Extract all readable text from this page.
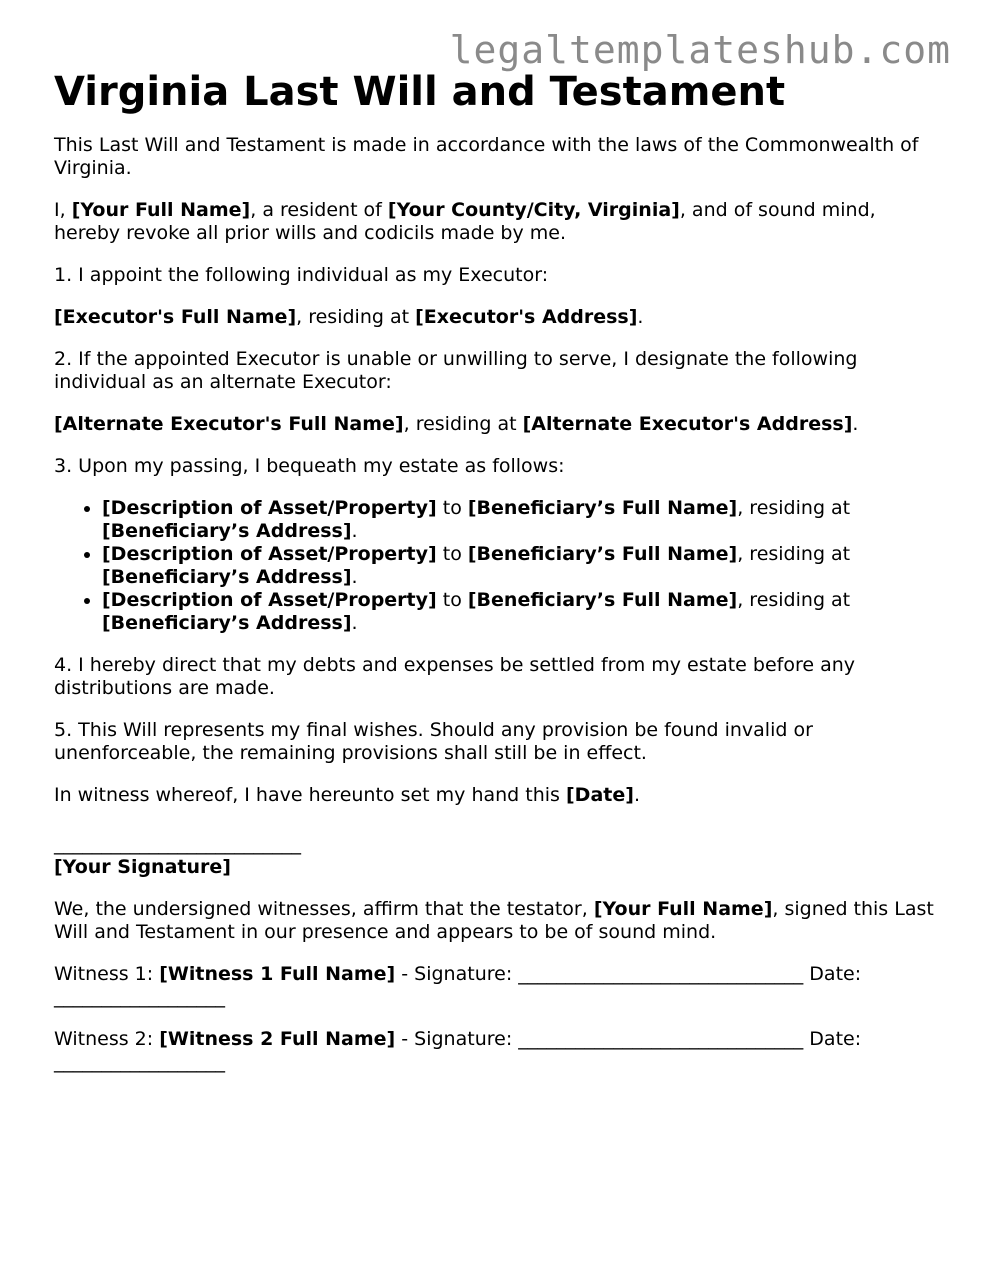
legaltemplateshub.com
Virginia Last Will and Testament

This Last Will and Testament is made in accordance with the laws of the Commonwealth of Virginia.

I, [Your Full Name], a resident of [Your County/City, Virginia], and of sound mind, hereby revoke all prior wills and codicils made by me.

1. I appoint the following individual as my Executor:

[Executor's Full Name], residing at [Executor's Address].

2. If the appointed Executor is unable or unwilling to serve, I designate the following individual as an alternate Executor:

[Alternate Executor's Full Name], residing at [Alternate Executor's Address].

3. Upon my passing, I bequeath my estate as follows:

• [Description of Asset/Property] to [Beneficiary’s Full Name], residing at [Beneficiary’s Address].
• [Description of Asset/Property] to [Beneficiary’s Full Name], residing at [Beneficiary’s Address].
• [Description of Asset/Property] to [Beneficiary’s Full Name], residing at [Beneficiary’s Address].

4. I hereby direct that my debts and expenses be settled from my estate before any distributions are made.

5. This Will represents my final wishes. Should any provision be found invalid or unenforceable, the remaining provisions shall still be in effect.

In witness whereof, I have hereunto set my hand this [Date].

__________________________
[Your Signature]

We, the undersigned witnesses, affirm that the testator, [Your Full Name], signed this Last Will and Testament in our presence and appears to be of sound mind.

Witness 1: [Witness 1 Full Name] - Signature: ______________________________ Date: __________________

Witness 2: [Witness 2 Full Name] - Signature: ______________________________ Date: __________________
